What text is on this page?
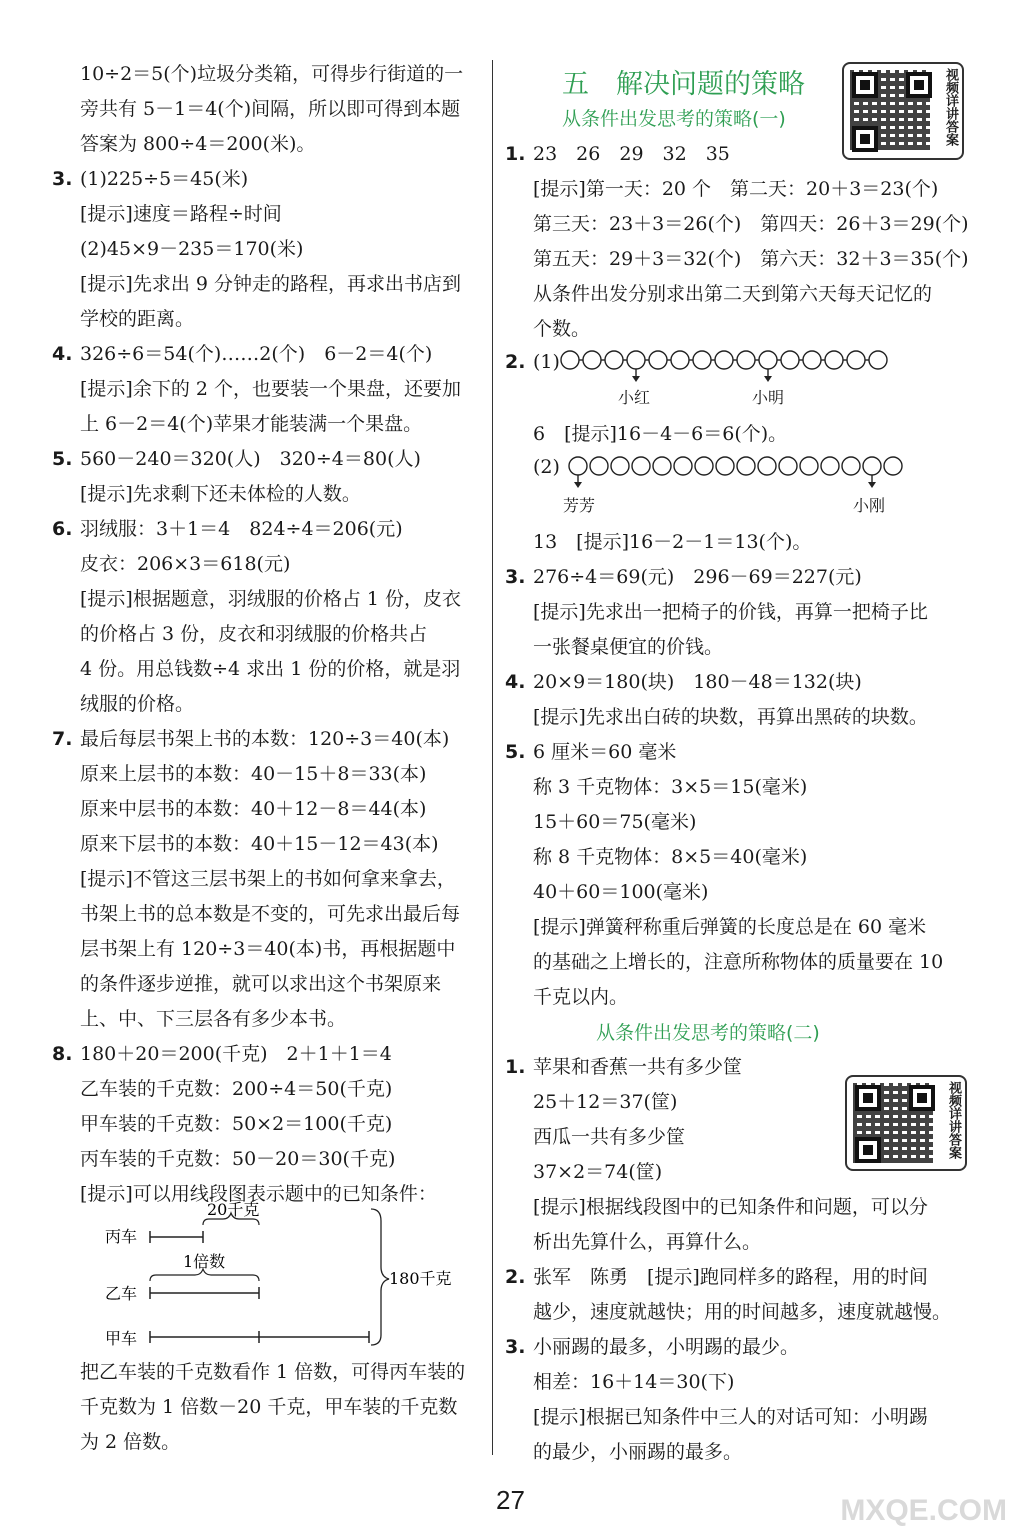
10÷2＝5(个)垃圾分类箱，可得步行街道的一
旁共有 5－1＝4(个)间隔，所以即可得到本题
答案为 800÷4＝200(米)。
3. (1)225÷5＝45(米)
[提示]速度＝路程÷时间
(2)45×9－235＝170(米)
[提示]先求出 9 分钟走的路程，再求出书店到
学校的距离。
4. 326÷6＝54(个)……2(个)　6－2＝4(个)
[提示]余下的 2 个，也要装一个果盘，还要加
上 6－2＝4(个)苹果才能装满一个果盘。
5. 560－240＝320(人)　320÷4＝80(人)
[提示]先求剩下还未体检的人数。
6. 羽绒服：3＋1＝4　824÷4＝206(元)
皮衣：206×3＝618(元)
[提示]根据题意，羽绒服的价格占 1 份，皮衣
的价格占 3 份，皮衣和羽绒服的价格共占
4 份。用总钱数÷4 求出 1 份的价格，就是羽
绒服的价格。
7. 最后每层书架上书的本数：120÷3＝40(本)
原来上层书的本数：40－15＋8＝33(本)
原来中层书的本数：40＋12－8＝44(本)
原来下层书的本数：40＋15－12＝43(本)
[提示]不管这三层书架上的书如何拿来拿去，
书架上书的总本数是不变的，可先求出最后每
层书架上有 120÷3＝40(本)书，再根据题中
的条件逐步逆推，就可以求出这个书架原来
上、中、下三层各有多少本书。
8. 180＋20＝200(千克)　2＋1＋1＝4
乙车装的千克数：200÷4＝50(千克)
甲车装的千克数：50×2＝100(千克)
丙车装的千克数：50－20＝30(千克)
[提示]可以用线段图表示题中的已知条件：
丙车
20千克
1倍数
乙车
甲车
180千克
把乙车装的千克数看作 1 倍数，可得丙车装的
千克数为 1 倍数－20 千克，甲车装的千克数
为 2 倍数。
五　解决问题的策略
从条件出发思考的策略(一)	视频详讲答案
1. 23　26　29　32　35
[提示]第一天：20 个　第二天：20＋3＝23(个)
第三天：23＋3＝26(个)　第四天：26＋3＝29(个)
第五天：29＋3＝32(个)　第六天：32＋3＝35(个)
从条件出发分别求出第二天到第六天每天记忆的
个数。
2. (1)
小红	小明
6　[提示]16－4－6＝6(个)。
(2)
芳芳	小刚
13　[提示]16－2－1＝13(个)。
3. 276÷4＝69(元)　296－69＝227(元)
[提示]先求出一把椅子的价钱，再算一把椅子比
一张餐桌便宜的价钱。
4. 20×9＝180(块)　180－48＝132(块)
[提示]先求出白砖的块数，再算出黑砖的块数。
5. 6 厘米＝60 毫米
称 3 千克物体：3×5＝15(毫米)
15＋60＝75(毫米)
称 8 千克物体：8×5＝40(毫米)
40＋60＝100(毫米)
[提示]弹簧秤称重后弹簧的长度总是在 60 毫米
的基础之上增长的，注意所称物体的质量要在 10
千克以内。
从条件出发思考的策略(二)
视频详讲答案
1. 苹果和香蕉一共有多少筐
25＋12＝37(筐)
西瓜一共有多少筐
37×2＝74(筐)
[提示]根据线段图中的已知条件和问题，可以分
析出先算什么，再算什么。
2. 张军　陈勇　[提示]跑同样多的路程，用的时间
越少，速度就越快；用的时间越多，速度就越慢。
3. 小丽踢的最多，小明踢的最少。
相差：16＋14＝30(下)
[提示]根据已知条件中三人的对话可知：小明踢
的最少，小丽踢的最多。
27	MXQE.COM
